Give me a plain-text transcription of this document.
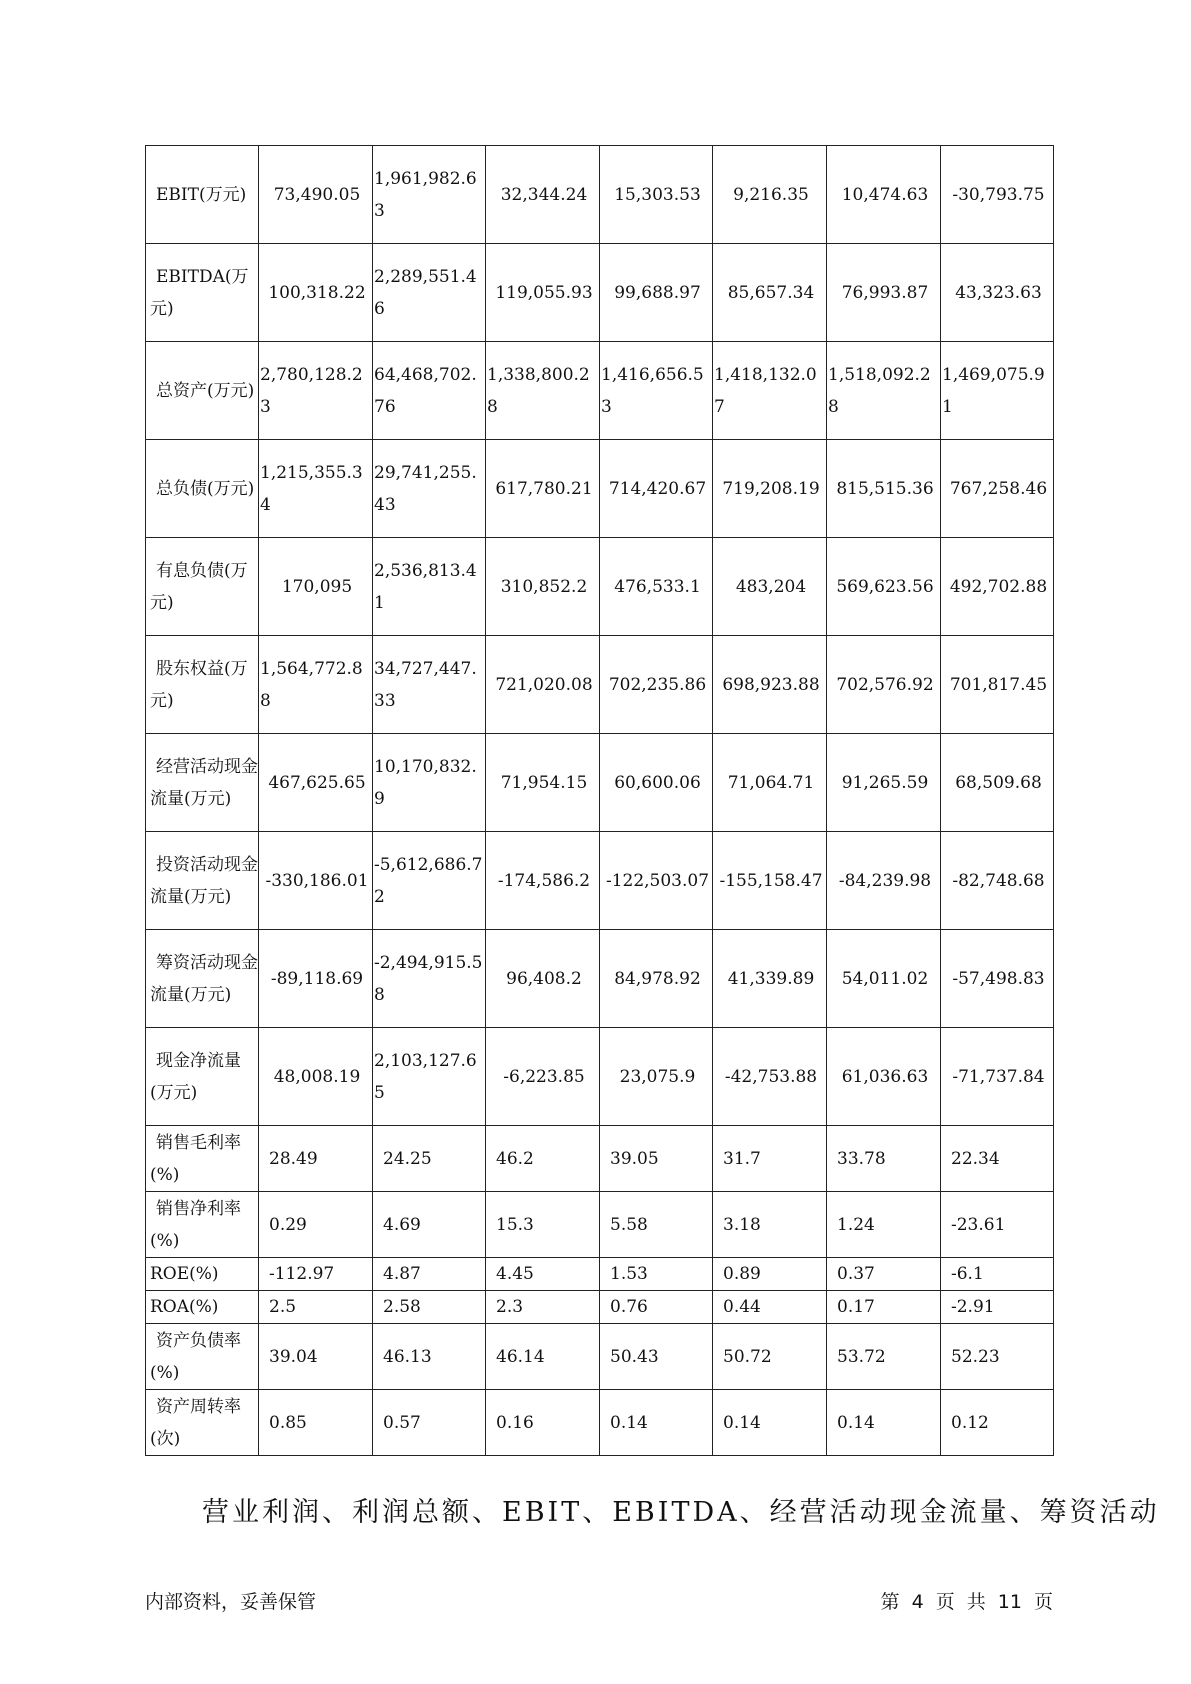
EBIT(万元)	73,490.05	1,961,982.63	32,344.24	15,303.53	9,216.35	10,474.63	-30,793.75
EBITDA(万元)	100,318.22	2,289,551.46	119,055.93	99,688.97	85,657.34	76,993.87	43,323.63
总资产(万元)	2,780,128.23	64,468,702.76	1,338,800.28	1,416,656.53	1,418,132.07	1,518,092.28	1,469,075.91
总负债(万元)	1,215,355.34	29,741,255.43	617,780.21	714,420.67	719,208.19	815,515.36	767,258.46
有息负债(万元)	170,095	2,536,813.41	310,852.2	476,533.1	483,204	569,623.56	492,702.88
股东权益(万元)	1,564,772.88	34,727,447.33	721,020.08	702,235.86	698,923.88	702,576.92	701,817.45
经营活动现金流量(万元)	467,625.65	10,170,832.9	71,954.15	60,600.06	71,064.71	91,265.59	68,509.68
投资活动现金流量(万元)	-330,186.01	-5,612,686.72	-174,586.2	-122,503.07	-155,158.47	-84,239.98	-82,748.68
筹资活动现金流量(万元)	-89,118.69	-2,494,915.58	96,408.2	84,978.92	41,339.89	54,011.02	-57,498.83
现金净流量(万元)	48,008.19	2,103,127.65	-6,223.85	23,075.9	-42,753.88	61,036.63	-71,737.84
销售毛利率(%)	28.49	24.25	46.2	39.05	31.7	33.78	22.34
销售净利率(%)	0.29	4.69	15.3	5.58	3.18	1.24	-23.61
ROE(%)	-112.97	4.87	4.45	1.53	0.89	0.37	-6.1
ROA(%)	2.5	2.58	2.3	0.76	0.44	0.17	-2.91
资产负债率(%)	39.04	46.13	46.14	50.43	50.72	53.72	52.23
资产周转率(次)	0.85	0.57	0.16	0.14	0.14	0.14	0.12
营业利润、利润总额、EBIT、EBITDA、经营活动现金流量、筹资活动
内部资料，妥善保管	第 4 页 共 11 页
